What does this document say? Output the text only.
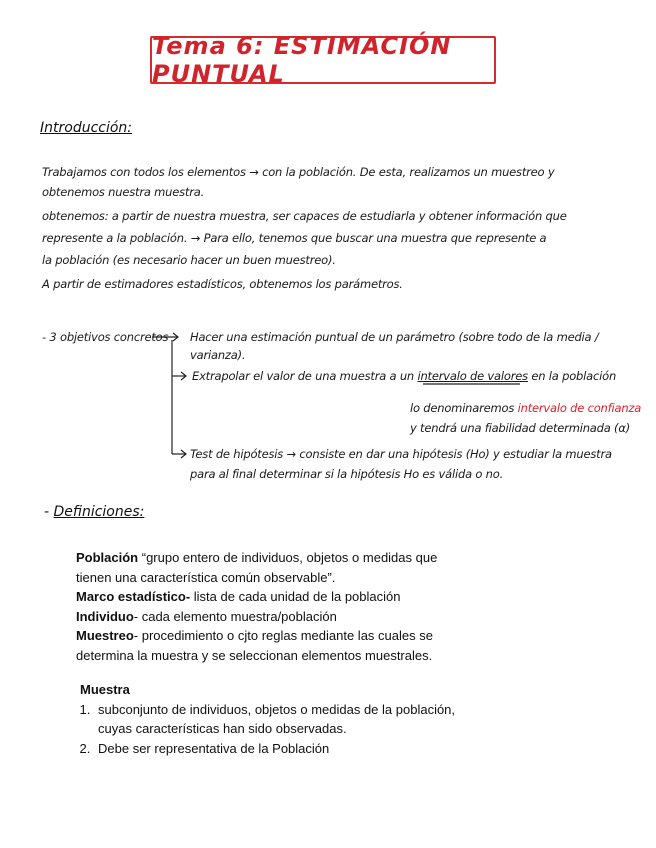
Tema 6: ESTIMACIÓN PUNTUAL
Introducción:
Trabajamos con todos los elementos → con la población. De esta, realizamos un muestreo y
obtenemos nuestra muestra.
obtenemos: a partir de nuestra muestra, ser capaces de estudiarla y obtener información que
represente a la población. → Para ello, tenemos que buscar una muestra que represente a
la población (es necesario hacer un buen muestreo).
A partir de estimadores estadísticos, obtenemos los parámetros.
- 3 objetivos concretos Hacer una estimación puntual de un parámetro (sobre todo de la media /
varianza).
Extrapolar el valor de una muestra a un intervalo de valores en la población
lo denominaremos intervalo de confianza
y tendrá una fiabilidad determinada (α)
Test de hipótesis → consiste en dar una hipótesis (Ho) y estudiar la muestra
para al final determinar si la hipótesis Ho es válida o no.
- Definiciones:
Población “grupo entero de individuos, objetos o medidas que
tienen una característica común observable”.
Marco estadístico- lista de cada unidad de la población
Individuo- cada elemento muestra/población
Muestreo- procedimiento o cjto reglas mediante las cuales se
determina la muestra y se seleccionan elementos muestrales.
Muestra
1. subconjunto de individuos, objetos o medidas de la población,
cuyas características han sido observadas.
2. Debe ser representativa de la Población
